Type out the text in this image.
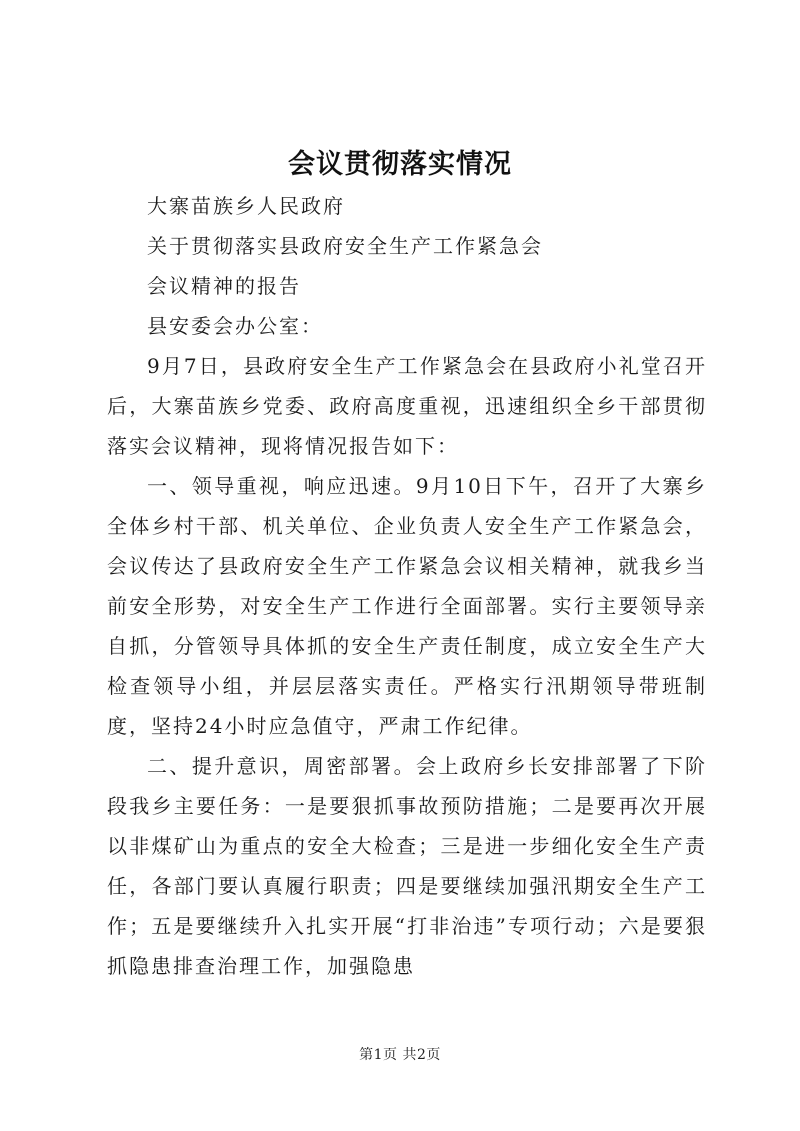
会议贯彻落实情况

大寨苗族乡人民政府

关于贯彻落实县政府安全生产工作紧急会

会议精神的报告

县安委会办公室：

9月7日，县政府安全生产工作紧急会在县政府小礼堂召开后，大寨苗族乡党委、政府高度重视，迅速组织全乡干部贯彻落实会议精神，现将情况报告如下：

一、领导重视，响应迅速。9月10日下午，召开了大寨乡全体乡村干部、机关单位、企业负责人安全生产工作紧急会，会议传达了县政府安全生产工作紧急会议相关精神，就我乡当前安全形势，对安全生产工作进行全面部署。实行主要领导亲自抓，分管领导具体抓的安全生产责任制度，成立安全生产大检查领导小组，并层层落实责任。严格实行汛期领导带班制度，坚持24小时应急值守，严肃工作纪律。

二、提升意识，周密部署。会上政府乡长安排部署了下阶段我乡主要任务：一是要狠抓事故预防措施；二是要再次开展以非煤矿山为重点的安全大检查；三是进一步细化安全生产责任，各部门要认真履行职责；四是要继续加强汛期安全生产工作；五是要继续升入扎实开展“打非治违”专项行动；六是要狠抓隐患排查治理工作，加强隐患

第1页 共2页
